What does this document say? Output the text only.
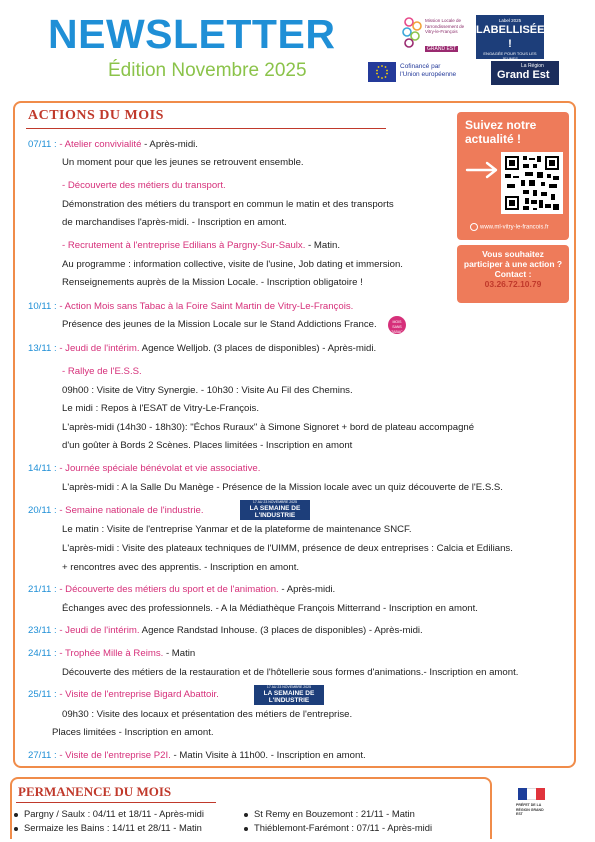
NEWSLETTER

Édition Novembre 2025

Mission Locale de l'arrondissement de Vitry-le-François
GRAND EST
Label 2025
LABELLISÉE !
ENGAGÉE POUR TOUS LES JEUNES
Cofinancé par l'Union européenne
La Région
Grand Est
ACTIONS DU MOIS
Suivez notre actualité !
www.ml-vitry-le-francois.fr
Vous souhaitez participer à une action ? Contact :
03.26.72.10.79

07/11 : - Atelier convivialité - Après-midi.

Un moment pour que les jeunes se retrouvent ensemble.

- Découverte des métiers du transport.

Démonstration des métiers du transport en commun le matin et des transports

de marchandises l'après-midi. - Inscription en amont.

- Recrutement à l'entreprise Edilians à Pargny-Sur-Saulx. - Matin.

Au programme : information collective, visite de l'usine, Job dating et immersion.

Renseignements auprès de la Mission Locale. - Inscription obligatoire !

10/11 : - Action Mois sans Tabac à la Foire Saint Martin de Vitry-Le-François.

Présence des jeunes de la Mission Locale sur le Stand Addictions France.

13/11 : - Jeudi de l'intérim. Agence Welljob. (3 places de disponibles) - Après-midi.

- Rallye de l'E.S.S.

09h00 : Visite de Vitry Synergie. - 10h30 : Visite Au Fil des Chemins.

Le midi : Repos à l'ESAT de Vitry-Le-François.

L'après-midi (14h30 - 18h30): "Échos Ruraux" à Simone Signoret + bord de plateau accompagné

d'un goûter à Bords 2 Scènes. Places limitées - Inscription en amont

14/11 : - Journée spéciale bénévolat et vie associative.

L'après-midi : A la Salle Du Manège - Présence de la Mission locale avec un quiz découverte de l'E.S.S.

20/11 : - Semaine nationale de l'industrie.

Le matin : Visite de l'entreprise Yanmar et de la plateforme de maintenance SNCF.

L'après-midi : Visite des plateaux techniques de l'UIMM, présence de deux entreprises : Calcia et Edilians.

+ rencontres avec des apprentis. - Inscription en amont.

21/11 : - Découverte des métiers du sport et de l'animation. - Après-midi.

Échanges avec des professionnels. - A la Médiathèque François Mitterrand - Inscription en amont.

23/11 : - Jeudi de l'intérim. Agence Randstad Inhouse. (3 places de disponibles) - Après-midi.

24/11 : - Trophée Mille à Reims. - Matin

Découverte des métiers de la restauration et de l'hôtellerie sous formes d'animations.- Inscription en amont.

25/11 : - Visite de l'entreprise Bigard Abattoir.

09h30 : Visite des locaux et présentation des métiers de l'entreprise.

Places limitées - Inscription en amont.

27/11 : - Visite de l'entreprise P2I. - Matin Visite à 11h00. - Inscription en amont.

MOIS SANS TABAC
17 AU 23 NOVEMBRE 2025
LA SEMAINE DE L'INDUSTRIE
17 AU 23 NOVEMBRE 2025
LA SEMAINE DE L'INDUSTRIE
PERMANENCE DU MOIS
Pargny / Saulx : 04/11 et 18/11 - Après-midi	St Remy en Bouzemont : 21/11 - Matin
Sermaize les Bains : 14/11 et 28/11 - Matin	Thiéblemont-Farémont : 07/11 - Après-midi
PRÉFET DE LA RÉGION GRAND EST
